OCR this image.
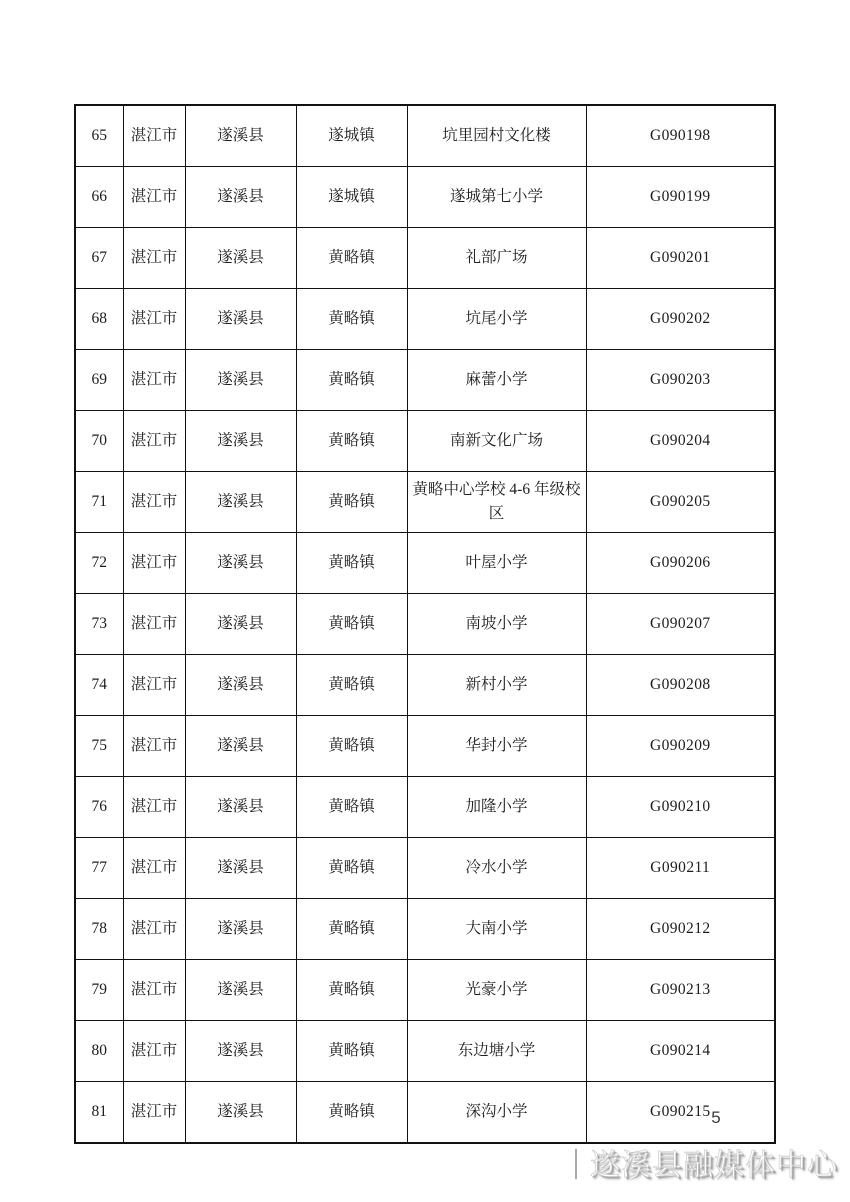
65	湛江市	遂溪县	遂城镇	坑里园村文化楼	G090198
66	湛江市	遂溪县	遂城镇	遂城第七小学	G090199
67	湛江市	遂溪县	黄略镇	礼部广场	G090201
68	湛江市	遂溪县	黄略镇	坑尾小学	G090202
69	湛江市	遂溪县	黄略镇	麻蕾小学	G090203
70	湛江市	遂溪县	黄略镇	南新文化广场	G090204
71	湛江市	遂溪县	黄略镇	黄略中心学校 4-6 年级校区	G090205
72	湛江市	遂溪县	黄略镇	叶屋小学	G090206
73	湛江市	遂溪县	黄略镇	南坡小学	G090207
74	湛江市	遂溪县	黄略镇	新村小学	G090208
75	湛江市	遂溪县	黄略镇	华封小学	G090209
76	湛江市	遂溪县	黄略镇	加隆小学	G090210
77	湛江市	遂溪县	黄略镇	冷水小学	G090211
78	湛江市	遂溪县	黄略镇	大南小学	G090212
79	湛江市	遂溪县	黄略镇	光豪小学	G090213
80	湛江市	遂溪县	黄略镇	东边塘小学	G090214
81	湛江市	遂溪县	黄略镇	深沟小学	G090215 5
| 遂溪县融媒体中心
